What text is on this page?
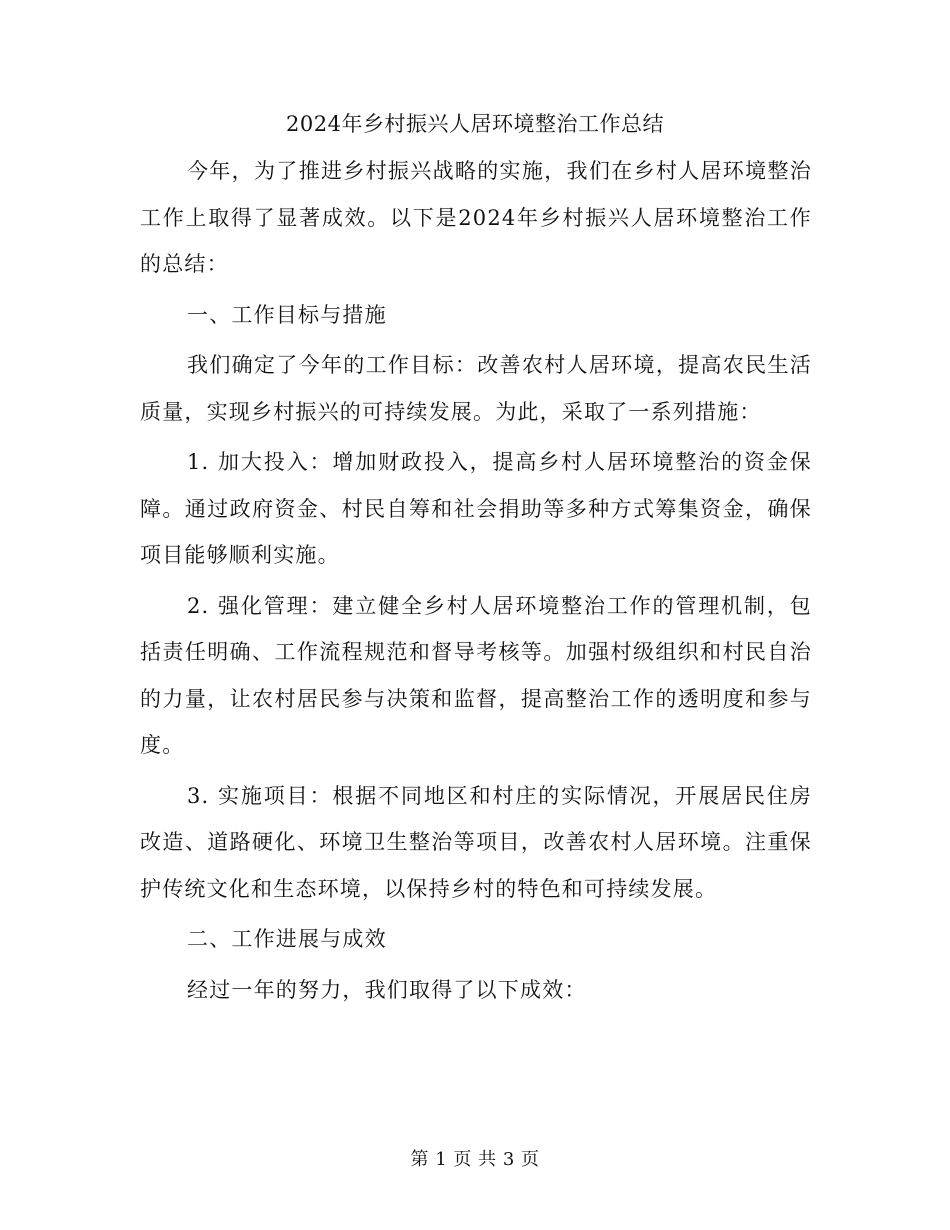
2024年乡村振兴人居环境整治工作总结

今年，为了推进乡村振兴战略的实施，我们在乡村人居环境整治工作上取得了显著成效。以下是2024年乡村振兴人居环境整治工作的总结：

一、工作目标与措施

我们确定了今年的工作目标：改善农村人居环境，提高农民生活质量，实现乡村振兴的可持续发展。为此，采取了一系列措施：

1. 加大投入：增加财政投入，提高乡村人居环境整治的资金保障。通过政府资金、村民自筹和社会捐助等多种方式筹集资金，确保项目能够顺利实施。

2. 强化管理：建立健全乡村人居环境整治工作的管理机制，包括责任明确、工作流程规范和督导考核等。加强村级组织和村民自治的力量，让农村居民参与决策和监督，提高整治工作的透明度和参与度。

3. 实施项目：根据不同地区和村庄的实际情况，开展居民住房改造、道路硬化、环境卫生整治等项目，改善农村人居环境。注重保护传统文化和生态环境，以保持乡村的特色和可持续发展。

二、工作进展与成效

经过一年的努力，我们取得了以下成效：

第 1 页 共 3 页
